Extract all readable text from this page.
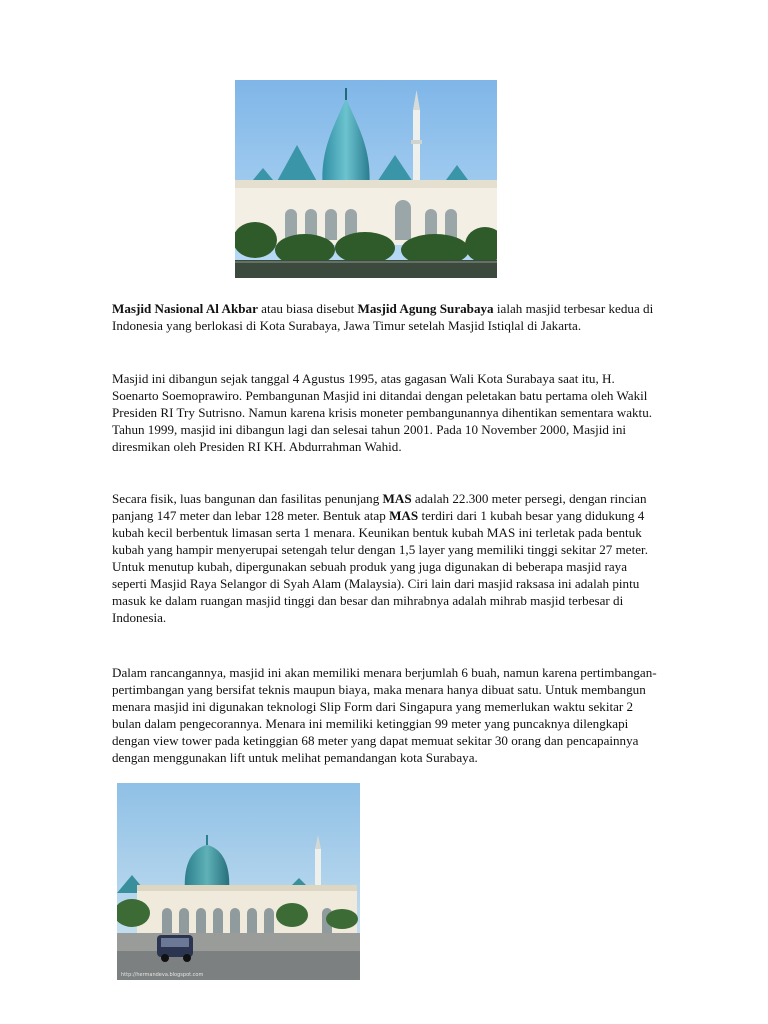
Masjid Nasional Al Akbar atau biasa disebut Masjid Agung Surabaya ialah masjid terbesar kedua di Indonesia yang berlokasi di Kota Surabaya, Jawa Timur setelah Masjid Istiqlal di Jakarta.

Masjid ini dibangun sejak tanggal 4 Agustus 1995, atas gagasan Wali Kota Surabaya saat itu, H. Soenarto Soemoprawiro. Pembangunan Masjid ini ditandai dengan peletakan batu pertama oleh Wakil Presiden RI Try Sutrisno. Namun karena krisis moneter pembangunannya dihentikan sementara waktu. Tahun 1999, masjid ini dibangun lagi dan selesai tahun 2001. Pada 10 November 2000, Masjid ini diresmikan oleh Presiden RI KH. Abdurrahman Wahid.

Secara fisik, luas bangunan dan fasilitas penunjang MAS adalah 22.300 meter persegi, dengan rincian panjang 147 meter dan lebar 128 meter. Bentuk atap MAS terdiri dari 1 kubah besar yang didukung 4 kubah kecil berbentuk limasan serta 1 menara. Keunikan bentuk kubah MAS ini terletak pada bentuk kubah yang hampir menyerupai setengah telur dengan 1,5 layer yang memiliki tinggi sekitar 27 meter. Untuk menutup kubah, dipergunakan sebuah produk yang juga digunakan di beberapa masjid raya seperti Masjid Raya Selangor di Syah Alam (Malaysia). Ciri lain dari masjid raksasa ini adalah pintu masuk ke dalam ruangan masjid tinggi dan besar dan mihrabnya adalah mihrab masjid terbesar di Indonesia.

Dalam rancangannya, masjid ini akan memiliki menara berjumlah 6 buah, namun karena pertimbangan-pertimbangan yang bersifat teknis maupun biaya, maka menara hanya dibuat satu. Untuk membangun menara masjid ini digunakan teknologi Slip Form dari Singapura yang memerlukan waktu sekitar 2 bulan dalam pengecorannya. Menara ini memiliki ketinggian 99 meter yang puncaknya dilengkapi dengan view tower pada ketinggian 68 meter yang dapat memuat sekitar 30 orang dan pencapainnya dengan menggunakan lift untuk melihat pemandangan kota Surabaya.

http://hermandeva.blogspot.com
